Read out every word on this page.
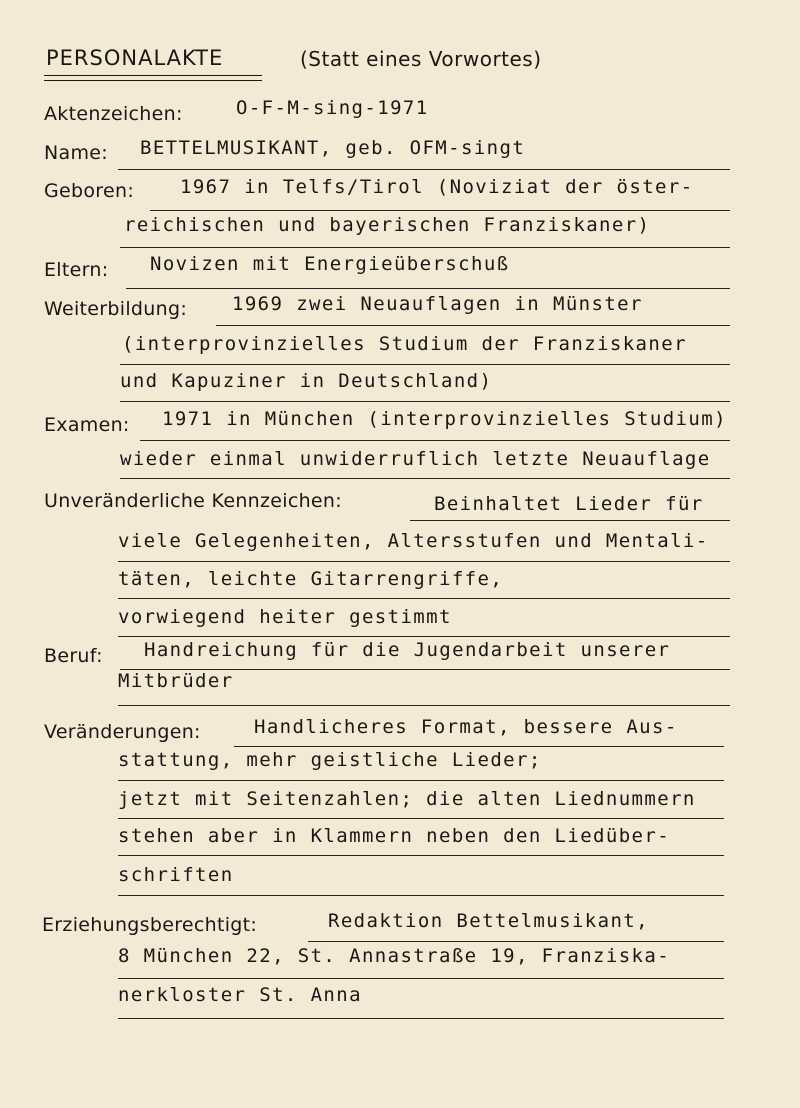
PERSONALAKTE	(Statt eines Vorwortes)
Aktenzeichen:	O-F-M-sing-1971
Name: BETTELMUSIKANT, geb. OFM-singt
Geboren: 1967 in Telfs/Tirol (Noviziat der öster-
reichischen und bayerischen Franziskaner)
Eltern: Novizen mit Energieüberschuß
Weiterbildung: 1969 zwei Neuauflagen in Münster
(interprovinzielles Studium der Franziskaner
und Kapuziner in Deutschland)
Examen: 1971 in München (interprovinzielles Studium)
wieder einmal unwiderruflich letzte Neuauflage
Unveränderliche Kennzeichen:	Beinhaltet Lieder für
viele Gelegenheiten, Altersstufen und Mentali-
täten, leichte Gitarrengriffe,
vorwiegend heiter gestimmt
Beruf: Handreichung für die Jugendarbeit unserer
Mitbrüder
Veränderungen:	Handlicheres Format, bessere Aus-
stattung, mehr geistliche Lieder;
jetzt mit Seitenzahlen; die alten Liednummern
stehen aber in Klammern neben den Liedüber-
schriften
Erziehungsberechtigt:	Redaktion Bettelmusikant,
8 München 22, St. Annastraße 19, Franziska-
nerkloster St. Anna
